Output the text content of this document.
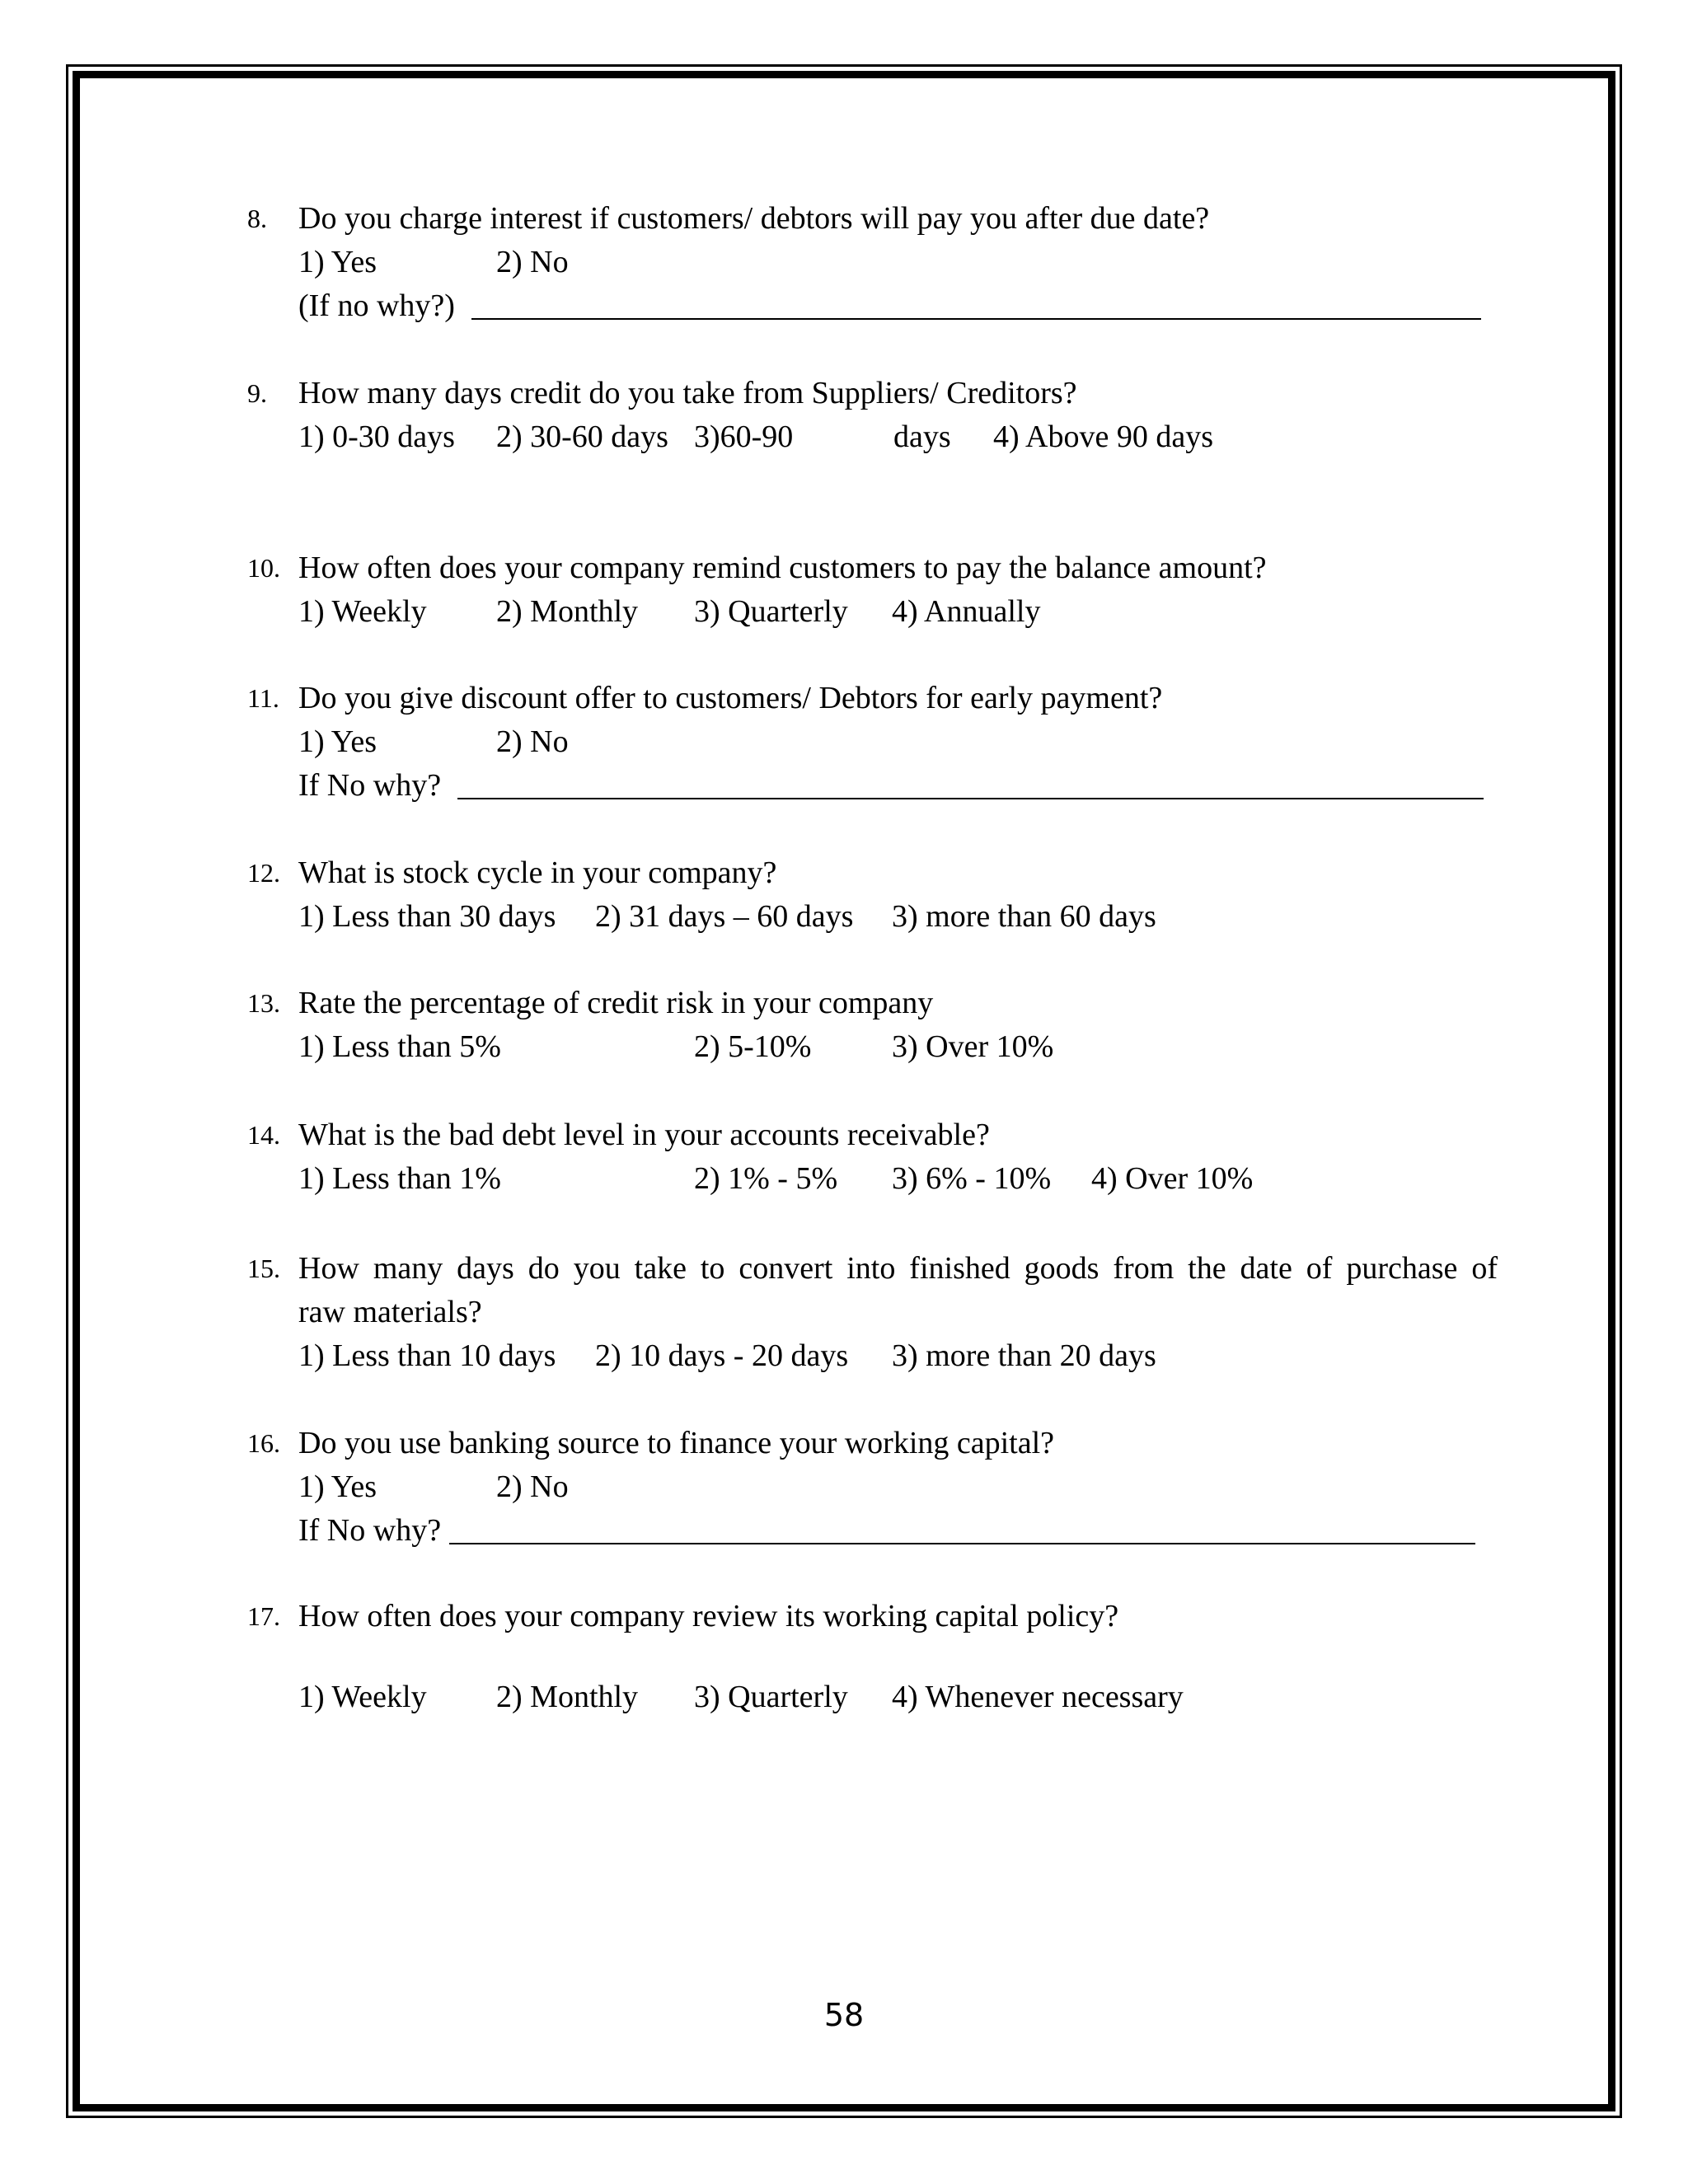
8. Do you charge interest if customers/ debtors will pay you after due date?
1) Yes	2) No
(If no why?)
9. How many days credit do you take from Suppliers/ Creditors?
1) 0-30 days 2) 30-60 days 3)60-90	days 4) Above 90 days
10. How often does your company remind customers to pay the balance amount?
1) Weekly 2) Monthly 3) Quarterly 4) Annually
11. Do you give discount offer to customers/ Debtors for early payment?
1) Yes	2) No
If No why?
12. What is stock cycle in your company?
1) Less than 30 days 2) 31 days – 60 days 3) more than 60 days
13. Rate the percentage of credit risk in your company
1) Less than 5%	2) 5-10%	3) Over 10%
14. What is the bad debt level in your accounts receivable?
1) Less than 1%	2) 1% - 5% 3) 6% - 10% 4) Over 10%
15. How many days do you take to convert into finished goods from the date of purchase of
raw materials?
1) Less than 10 days 2) 10 days - 20 days 3) more than 20 days
16. Do you use banking source to finance your working capital?
1) Yes	2) No
If No why?
17. How often does your company review its working capital policy?
1) Weekly 2) Monthly 3) Quarterly 4) Whenever necessary
58
